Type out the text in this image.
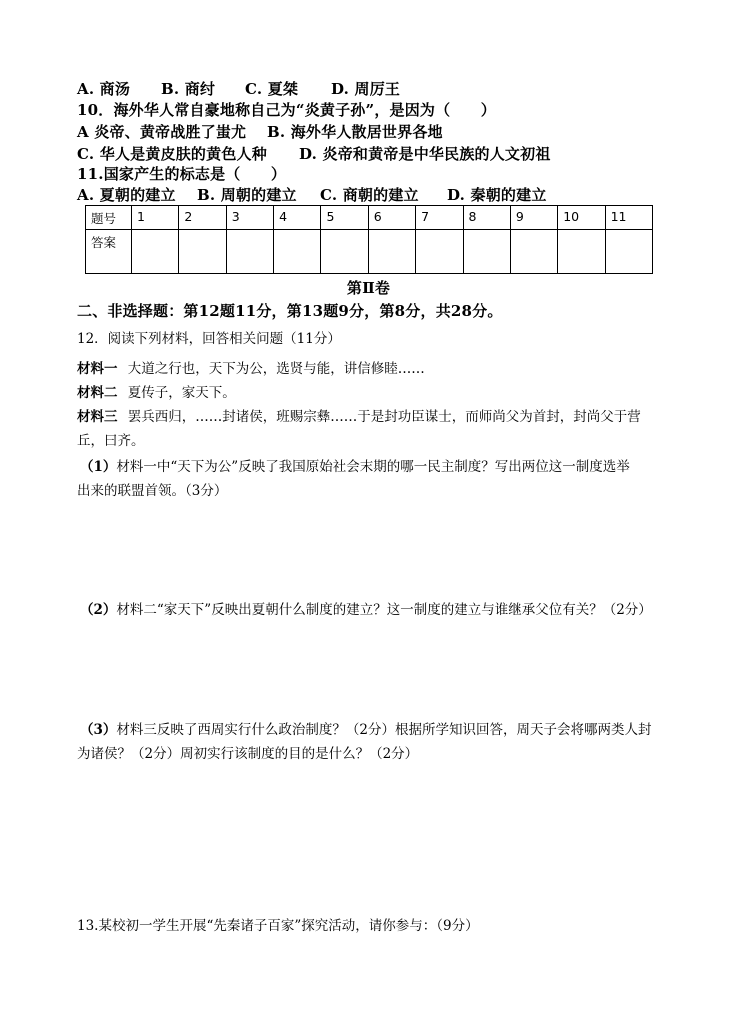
A. 商汤 B. 商纣 C. 夏桀 D. 周厉王
10．海外华人常自豪地称自己为“炎黄子孙”，是因为（　　）
A 炎帝、黄帝战胜了蚩尤 B. 海外华人散居世界各地
C. 华人是黄皮肤的黄色人种 D. 炎帝和黄帝是中华民族的人文初祖
11.国家产生的标志是（　　）
A. 夏朝的建立 B. 周朝的建立 C. 商朝的建立 D. 秦朝的建立
题号	1	2	3	4	5	6	7	8	9	10	11
答案											
第Ⅱ卷
二、非选择题：第12题11分，第13题9分，第8分，共28分。
12．阅读下列材料，回答相关问题（11分）
材料一 大道之行也，天下为公，选贤与能，讲信修睦……
材料二 夏传子，家天下。
材料三 罢兵西归，……封诸侯，班赐宗彝……于是封功臣谋士，而师尚父为首封，封尚父于营
丘，曰齐。
（1）材料一中“天下为公”反映了我国原始社会末期的哪一民主制度？写出两位这一制度选举
出来的联盟首领。（3分）
（2）材料二“家天下”反映出夏朝什么制度的建立？这一制度的建立与谁继承父位有关？（2分）
（3）材料三反映了西周实行什么政治制度？（2分）根据所学知识回答，周天子会将哪两类人封
为诸侯？（2分）周初实行该制度的目的是什么？（2分）
13.某校初一学生开展“先秦诸子百家”探究活动，请你参与：（9分）
